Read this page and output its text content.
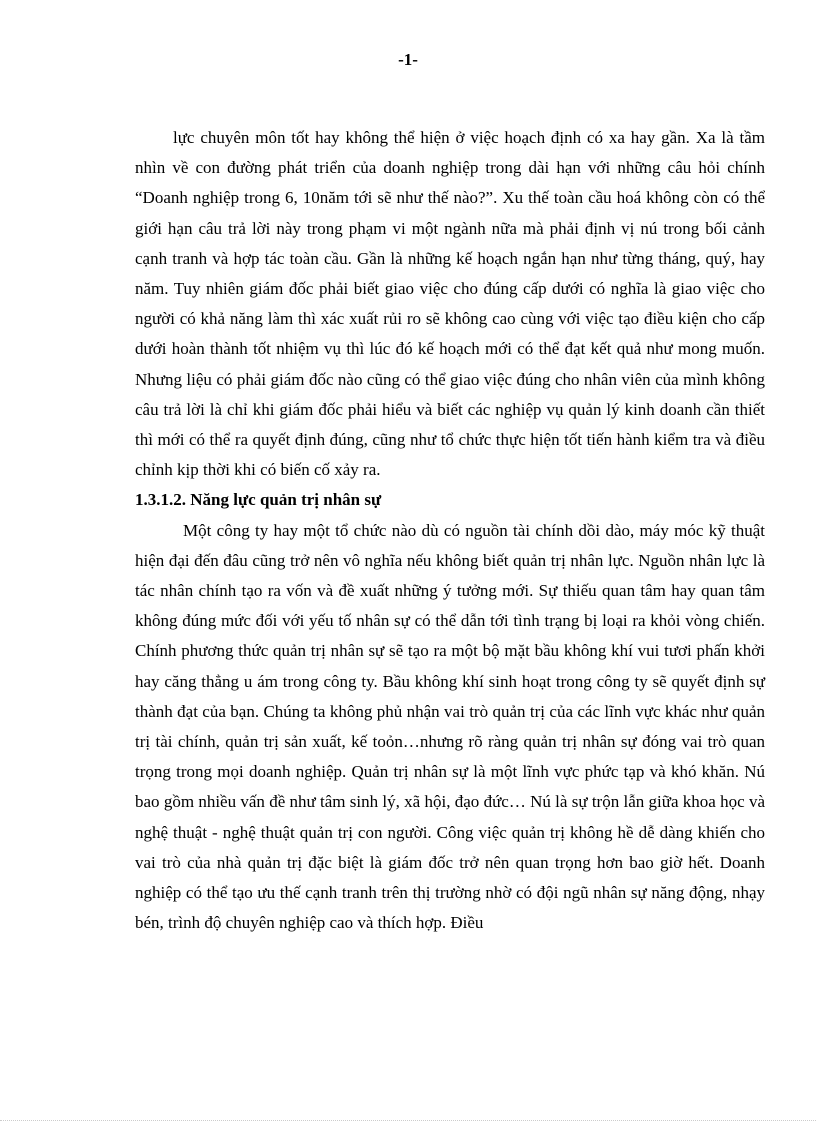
-1-

lực chuyên môn tốt hay không thể hiện ở việc hoạch định có xa hay gần. Xa là tầm nhìn về con đường phát triển của doanh nghiệp trong dài hạn với những câu hỏi chính “Doanh nghiệp trong 6, 10năm tới sẽ như thế nào?”. Xu thế toàn cầu hoá không còn có thể giới hạn câu trả lời này trong phạm vi một ngành nữa mà phải định vị nú trong bối cảnh cạnh tranh và hợp tác toàn cầu. Gần là những kế hoạch ngắn hạn như từng tháng, quý, hay năm. Tuy nhiên giám đốc phải biết giao việc cho đúng cấp dưới có nghĩa là giao việc cho người có khả năng làm thì xác xuất rủi ro sẽ không cao cùng với việc tạo điều kiện cho cấp dưới hoàn thành tốt nhiệm vụ thì lúc đó kế hoạch mới có thể đạt kết quả như mong muốn. Nhưng liệu có phải giám đốc nào cũng có thể giao việc đúng cho nhân viên của mình không câu trả lời là chỉ khi giám đốc phải hiểu và biết các nghiệp vụ quản lý kinh doanh cần thiết thì mới có thể ra quyết định đúng, cũng như tổ chức thực hiện tốt tiến hành kiểm tra và điều chỉnh kịp thời khi có biến cố xảy ra.

1.3.1.2. Năng lực quản trị nhân sự

Một công ty hay một tổ chức nào dù có nguồn tài chính dồi dào, máy móc kỹ thuật hiện đại đến đâu cũng trở nên vô nghĩa nếu không biết quản trị nhân lực. Nguồn nhân lực là tác nhân chính tạo ra vốn và đề xuất những ý tưởng mới. Sự thiếu quan tâm hay quan tâm không đúng mức đối với yếu tố nhân sự có thể dẫn tới tình trạng bị loại ra khỏi vòng chiến. Chính phương thức quản trị nhân sự sẽ tạo ra một bộ mặt bầu không khí vui tươi phấn khởi hay căng thẳng u ám trong công ty. Bầu không khí sinh hoạt trong công ty sẽ quyết định sự thành đạt của bạn. Chúng ta không phủ nhận vai trò quản trị của các lĩnh vực khác như quản trị tài chính, quản trị sản xuất, kế toỏn…nhưng rõ ràng quản trị nhân sự đóng vai trò quan trọng trong mọi doanh nghiệp. Quản trị nhân sự là một lĩnh vực phức tạp và khó khăn. Nú bao gồm nhiều vấn đề như tâm sinh lý, xã hội, đạo đức… Nú là sự trộn lẫn giữa khoa học và nghệ thuật - nghệ thuật quản trị con người. Công việc quản trị không hề dễ dàng khiến cho vai trò của nhà quản trị đặc biệt là giám đốc trở nên quan trọng hơn bao giờ hết. Doanh nghiệp có thể tạo ưu thế cạnh tranh trên thị trường nhờ có đội ngũ nhân sự năng động, nhạy bén, trình độ chuyên nghiệp cao và thích hợp. Điều
